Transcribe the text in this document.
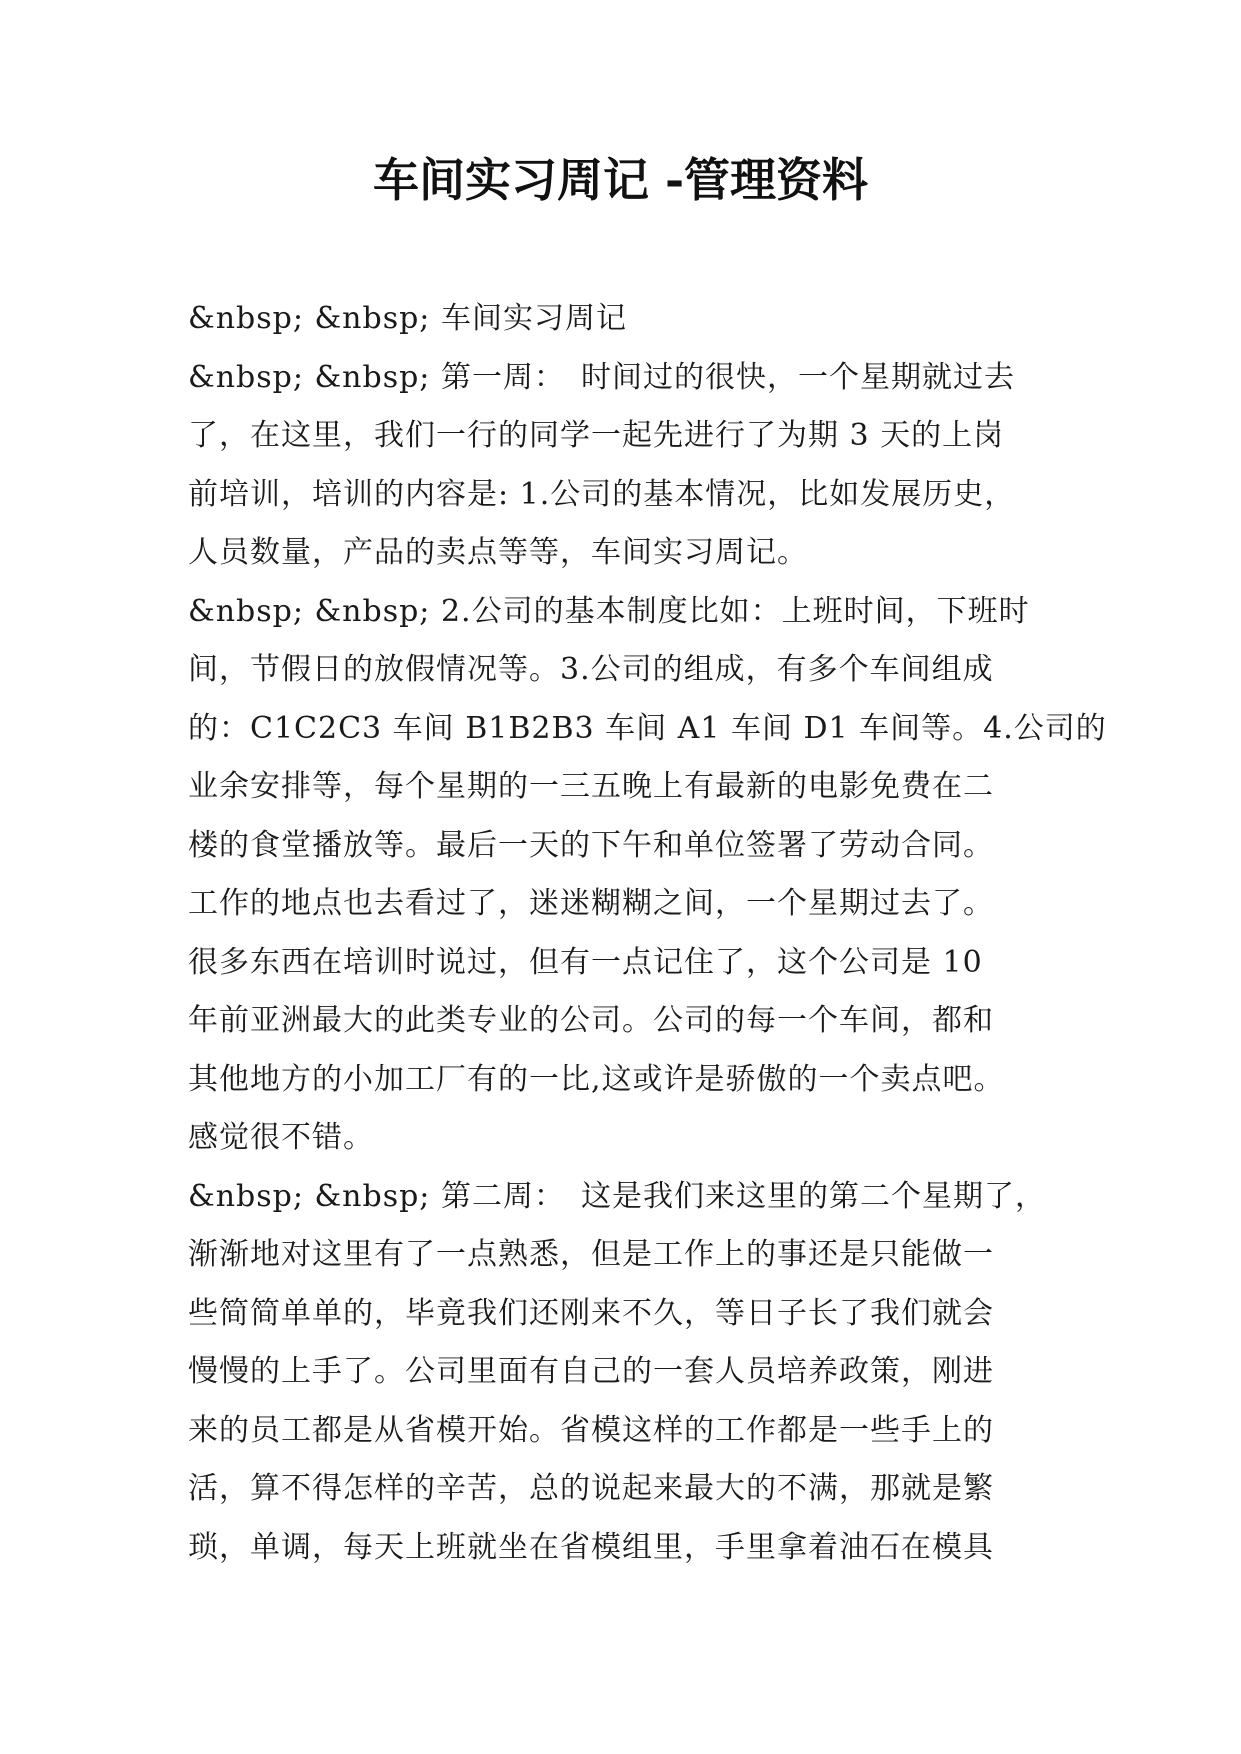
车间实习周记 -管理资料

&nbsp; &nbsp; 车间实习周记

&nbsp; &nbsp; 第一周：　时间过的很快，一个星期就过去

了，在这里，我们一行的同学一起先进行了为期 3 天的上岗

前培训，培训的内容是: 1.公司的基本情况，比如发展历史，

人员数量，产品的卖点等等，车间实习周记。

&nbsp; &nbsp; 2.公司的基本制度比如：上班时间，下班时

间，节假日的放假情况等。3.公司的组成，有多个车间组成

的：C1C2C3 车间 B1B2B3 车间 A1 车间 D1 车间等。4.公司的

业余安排等，每个星期的一三五晚上有最新的电影免费在二

楼的食堂播放等。最后一天的下午和单位签署了劳动合同。

工作的地点也去看过了，迷迷糊糊之间，一个星期过去了。

很多东西在培训时说过，但有一点记住了，这个公司是 10

年前亚洲最大的此类专业的公司。公司的每一个车间，都和

其他地方的小加工厂有的一比,这或许是骄傲的一个卖点吧。

感觉很不错。

&nbsp; &nbsp; 第二周：　这是我们来这里的第二个星期了，

渐渐地对这里有了一点熟悉，但是工作上的事还是只能做一

些简简单单的，毕竟我们还刚来不久，等日子长了我们就会

慢慢的上手了。公司里面有自己的一套人员培养政策，刚进

来的员工都是从省模开始。省模这样的工作都是一些手上的

活，算不得怎样的辛苦，总的说起来最大的不满，那就是繁

琐，单调，每天上班就坐在省模组里，手里拿着油石在模具
